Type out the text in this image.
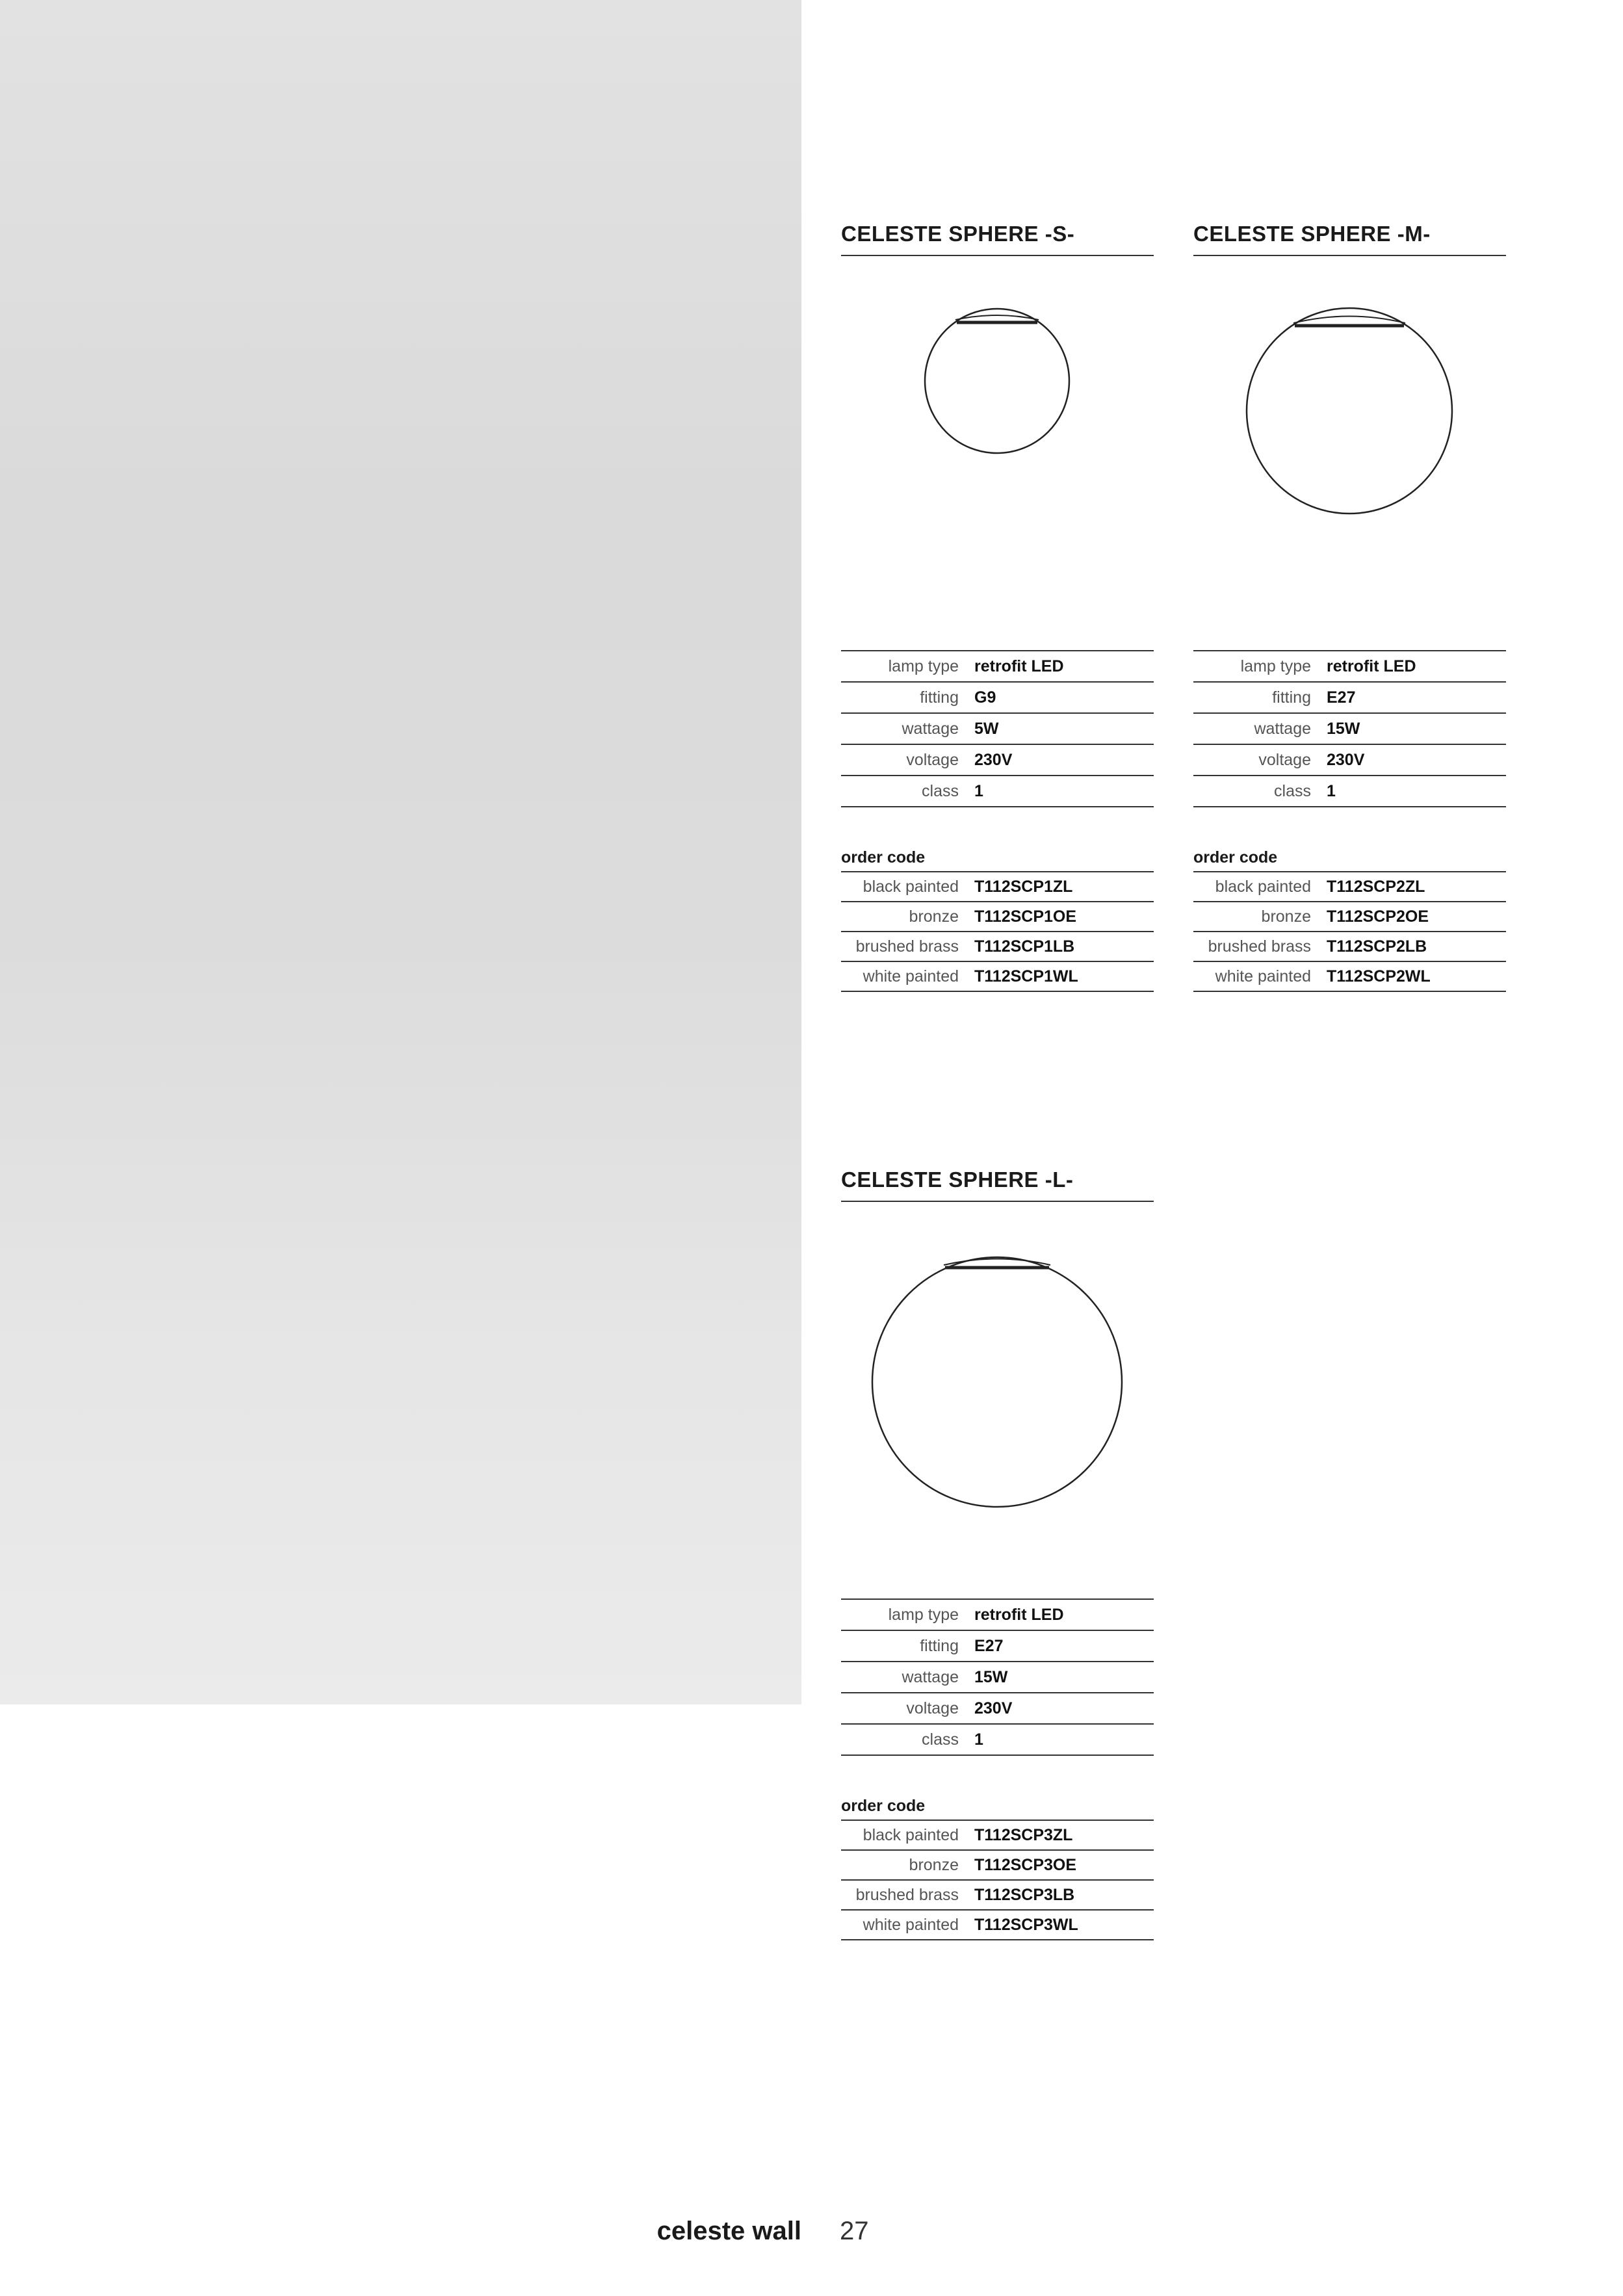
CELESTE SPHERE -S-
lamp type retrofit LED
fitting G9
wattage 5W
voltage 230V
class 1
order code
black painted T112SCP1ZL
bronze T112SCP1OE
brushed brass T112SCP1LB
white painted T112SCP1WL
CELESTE SPHERE -M-
lamp type retrofit LED
fitting E27
wattage 15W
voltage 230V
class 1
order code
black painted T112SCP2ZL
bronze T112SCP2OE
brushed brass T112SCP2LB
white painted T112SCP2WL
CELESTE SPHERE -L-
lamp type retrofit LED
fitting E27
wattage 15W
voltage 230V
class 1
order code
black painted T112SCP3ZL
bronze T112SCP3OE
brushed brass T112SCP3LB
white painted T112SCP3WL
celeste wall 27
